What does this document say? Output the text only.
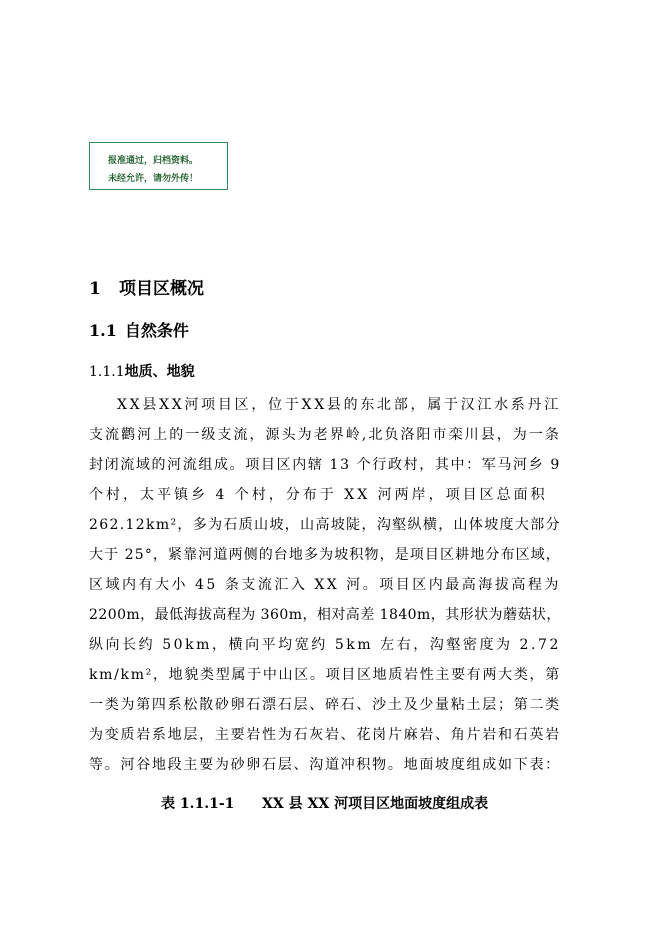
报准通过，归档资料。
未经允许，请勿外传！
1 项目区概况
1.1 自然条件
1.1.1地质、地貌
XX县XX河项目区，位于XX县的东北部，属于汉江水系丹江
支流鹳河上的一级支流，源头为老界岭,北负洛阳市栾川县，为一条
封闭流域的河流组成。项目区内辖 13 个行政村，其中：军马河乡 9
个村，太平镇乡 4 个村，分布于 XX 河两岸，项目区总面积
262.12km²，多为石质山坡，山高坡陡，沟壑纵横，山体坡度大部分
大于 25°，紧靠河道两侧的台地多为坡积物，是项目区耕地分布区域，
区域内有大小 45 条支流汇入 XX 河。项目区内最高海拔高程为
2200m，最低海拔高程为 360m，相对高差 1840m，其形状为蘑菇状，
纵向长约 50km，横向平均宽约 5km 左右，沟壑密度为 2.72
km/km²，地貌类型属于中山区。项目区地质岩性主要有两大类，第
一类为第四系松散砂卵石漂石层、碎石、沙土及少量粘土层；第二类
为变质岩系地层，主要岩性为石灰岩、花岗片麻岩、角片岩和石英岩
等。河谷地段主要为砂卵石层、沟道冲积物。地面坡度组成如下表：
表 1.1.1-1 XX 县 XX 河项目区地面坡度组成表
